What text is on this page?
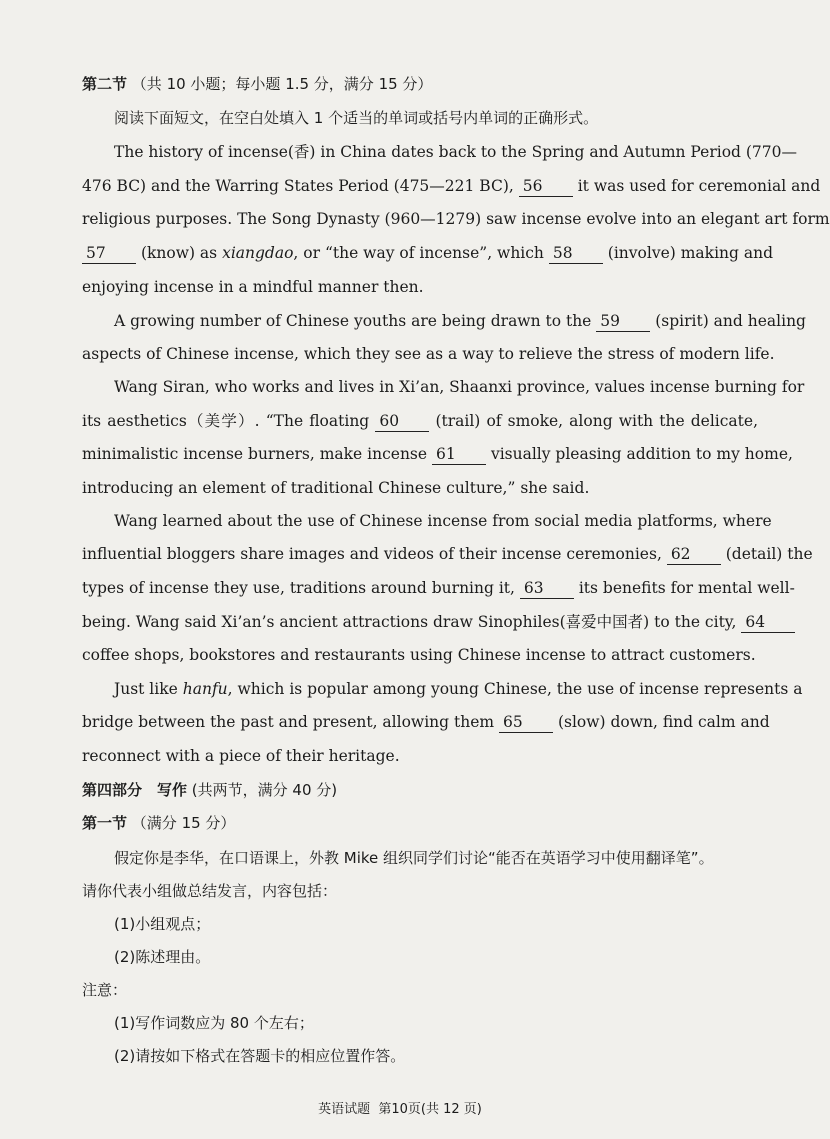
第二节 （共 10 小题；每小题 1.5 分，满分 15 分）
阅读下面短文，在空白处填入 1 个适当的单词或括号内单词的正确形式。
The history of incense(香) in China dates back to the Spring and Autumn Period (770—
476 BC) and the Warring States Period (475—221 BC), 56 it was used for ceremonial and
religious purposes. The Song Dynasty (960—1279) saw incense evolve into an elegant art form
57 (know) as xiangdao, or “the way of incense”, which 58 (involve) making and
enjoying incense in a mindful manner then.
A growing number of Chinese youths are being drawn to the 59 (spirit) and healing
aspects of Chinese incense, which they see as a way to relieve the stress of modern life.
Wang Siran, who works and lives in Xi’an, Shaanxi province, values incense burning for
its aesthetics（美学）. “The floating 60 (trail) of smoke, along with the delicate,
minimalistic incense burners, make incense 61 visually pleasing addition to my home,
introducing an element of traditional Chinese culture,” she said.
Wang learned about the use of Chinese incense from social media platforms, where
influential bloggers share images and videos of their incense ceremonies, 62 (detail) the
types of incense they use, traditions around burning it, 63 its benefits for mental well-
being. Wang said Xi’an’s ancient attractions draw Sinophiles(喜爱中国者) to the city, 64
coffee shops, bookstores and restaurants using Chinese incense to attract customers.
Just like hanfu, which is popular among young Chinese, the use of incense represents a
bridge between the past and present, allowing them 65 (slow) down, find calm and
reconnect with a piece of their heritage.
第四部分　写作 (共两节，满分 40 分)
第一节 （满分 15 分）
假定你是李华，在口语课上，外教 Mike 组织同学们讨论“能否在英语学习中使用翻译笔”。
请你代表小组做总结发言，内容包括：
(1)小组观点；
(2)陈述理由。
注意：
(1)写作词数应为 80 个左右；
(2)请按如下格式在答题卡的相应位置作答。
英语试题 第10页(共 12 页)
